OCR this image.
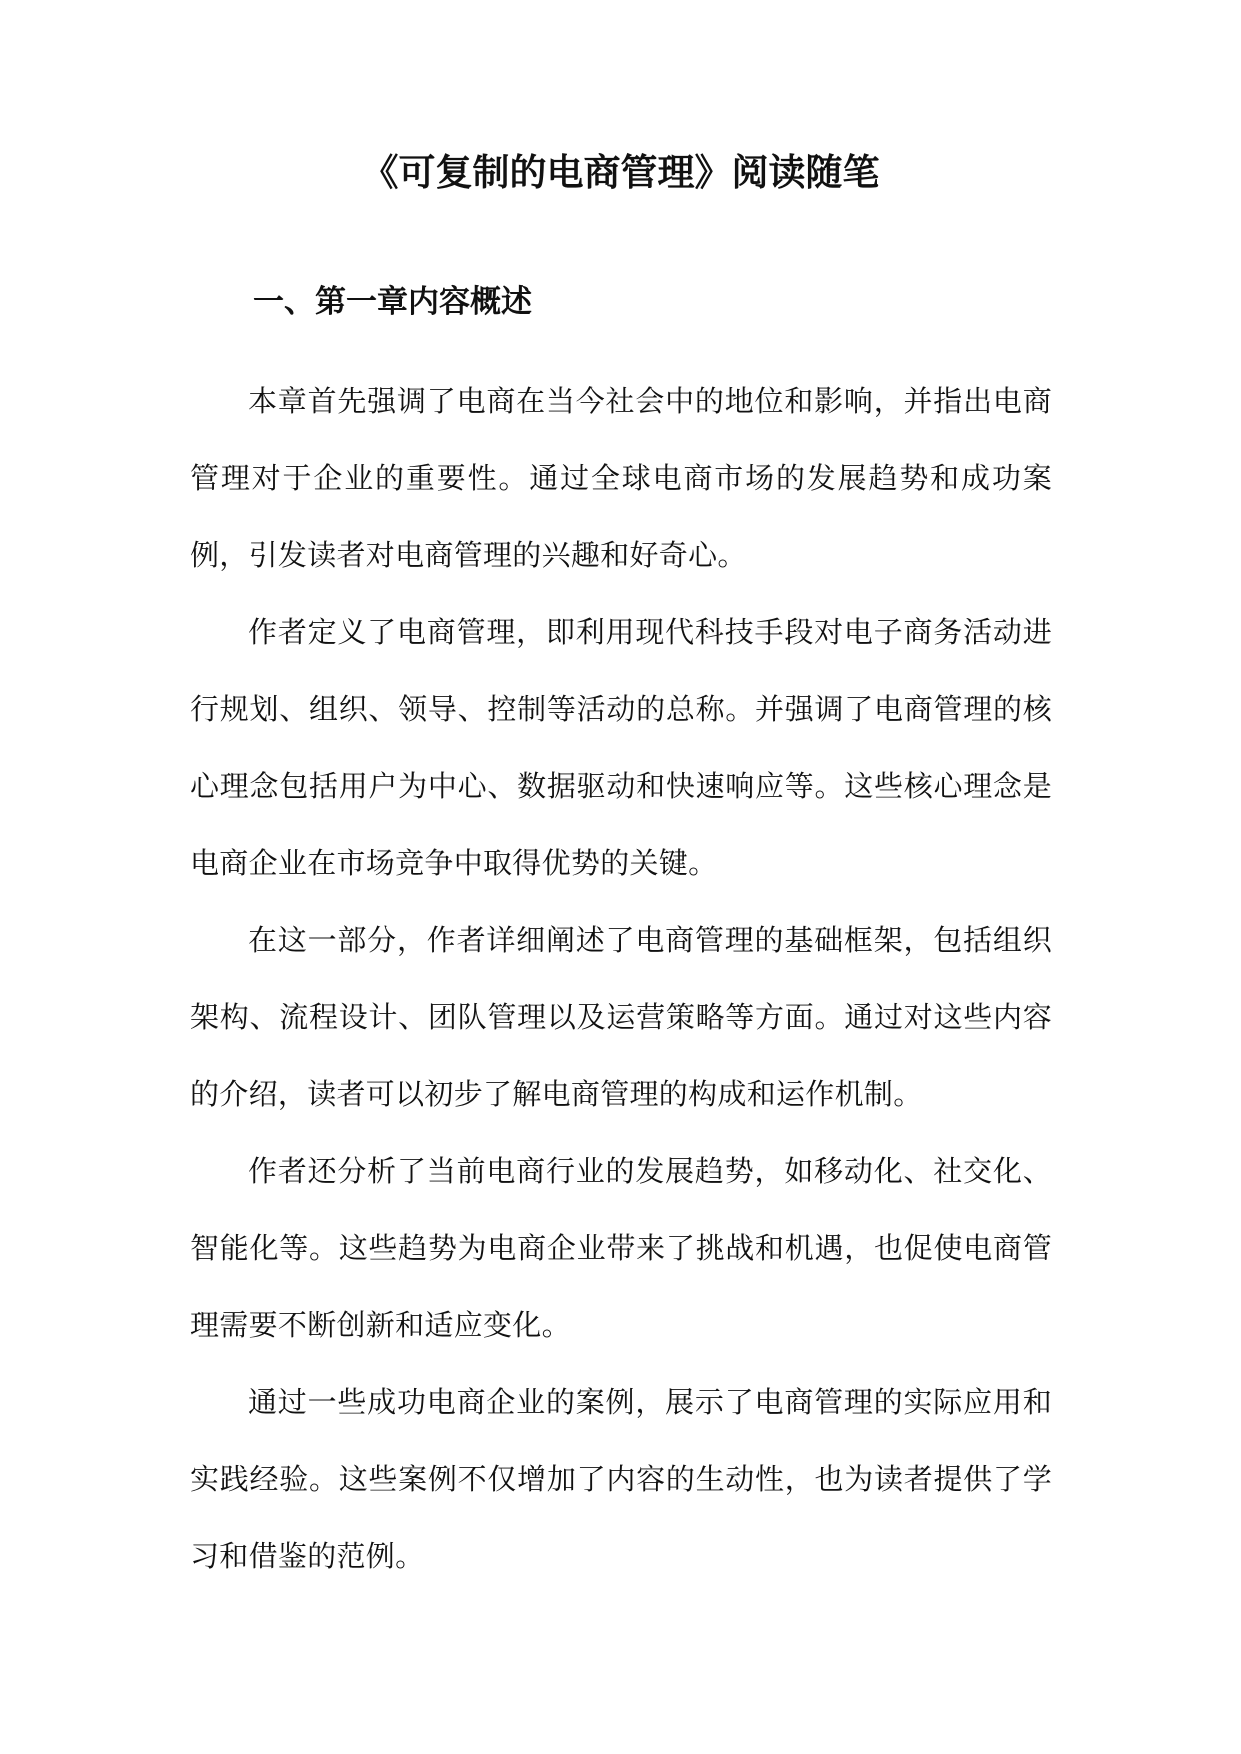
《可复制的电商管理》阅读随笔
一、第一章内容概述

本章首先强调了电商在当今社会中的地位和影响，并指出电商管理对于企业的重要性。通过全球电商市场的发展趋势和成功案例，引发读者对电商管理的兴趣和好奇心。

作者定义了电商管理，即利用现代科技手段对电子商务活动进行规划、组织、领导、控制等活动的总称。并强调了电商管理的核心理念包括用户为中心、数据驱动和快速响应等。这些核心理念是电商企业在市场竞争中取得优势的关键。

在这一部分，作者详细阐述了电商管理的基础框架，包括组织架构、流程设计、团队管理以及运营策略等方面。通过对这些内容的介绍，读者可以初步了解电商管理的构成和运作机制。

作者还分析了当前电商行业的发展趋势，如移动化、社交化、智能化等。这些趋势为电商企业带来了挑战和机遇，也促使电商管理需要不断创新和适应变化。

通过一些成功电商企业的案例，展示了电商管理的实际应用和实践经验。这些案例不仅增加了内容的生动性，也为读者提供了学习和借鉴的范例。
